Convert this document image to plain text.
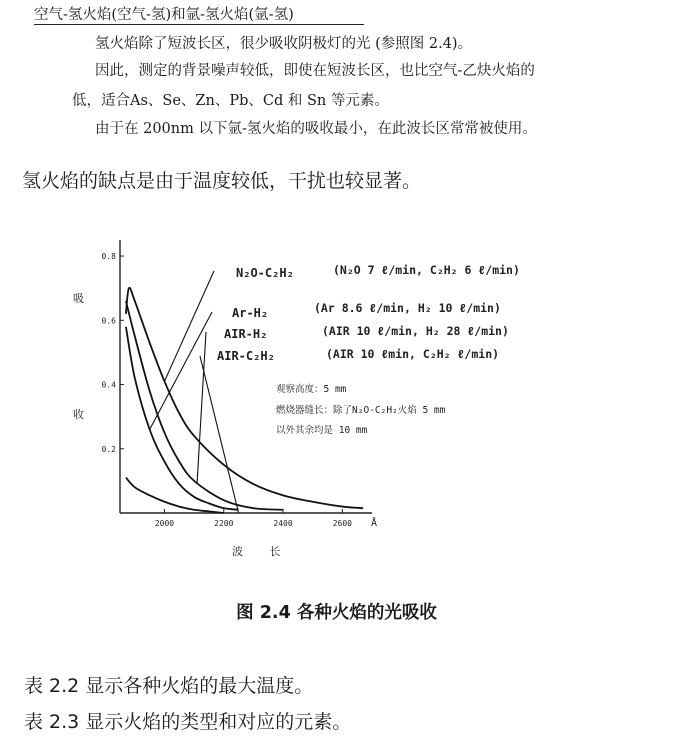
空气-氢火焰(空气-氢)和氩-氢火焰(氩-氢)
氢火焰除了短波长区，很少吸收阴极灯的光 (参照图 2.4)。
因此，测定的背景噪声较低，即使在短波长区，也比空气-乙炔火焰的
低，适合As、Se、Zn、Pb、Cd 和 Sn 等元素。
由于在 200nm 以下氩-氢火焰的吸收最小，在此波长区常常被使用。
氢火焰的缺点是由于温度较低，干扰也较显著。
0.2
0.4
0.6
0.8
2000	2200	2400	2600
N₂O-C₂H₂	(N₂O 7 ℓ/min, C₂H₂ 6 ℓ/min)
Ar-H₂	(Ar 8.6 ℓ/min, H₂ 10 ℓ/min)
AIR-H₂	(AIR 10 ℓ/min, H₂ 28 ℓ/min)
AIR-C₂H₂	(AIR 10 ℓmin, C₂H₂ ℓ/min)
观察高度：5 mm
燃烧器缝长：除了N₂O-C₂H₂火焰 5 mm
以外其余均是 10 mm
吸
收
波    长
Å
图 2.4 各种火焰的光吸收
表 2.2 显示各种火焰的最大温度。
表 2.3 显示火焰的类型和对应的元素。
